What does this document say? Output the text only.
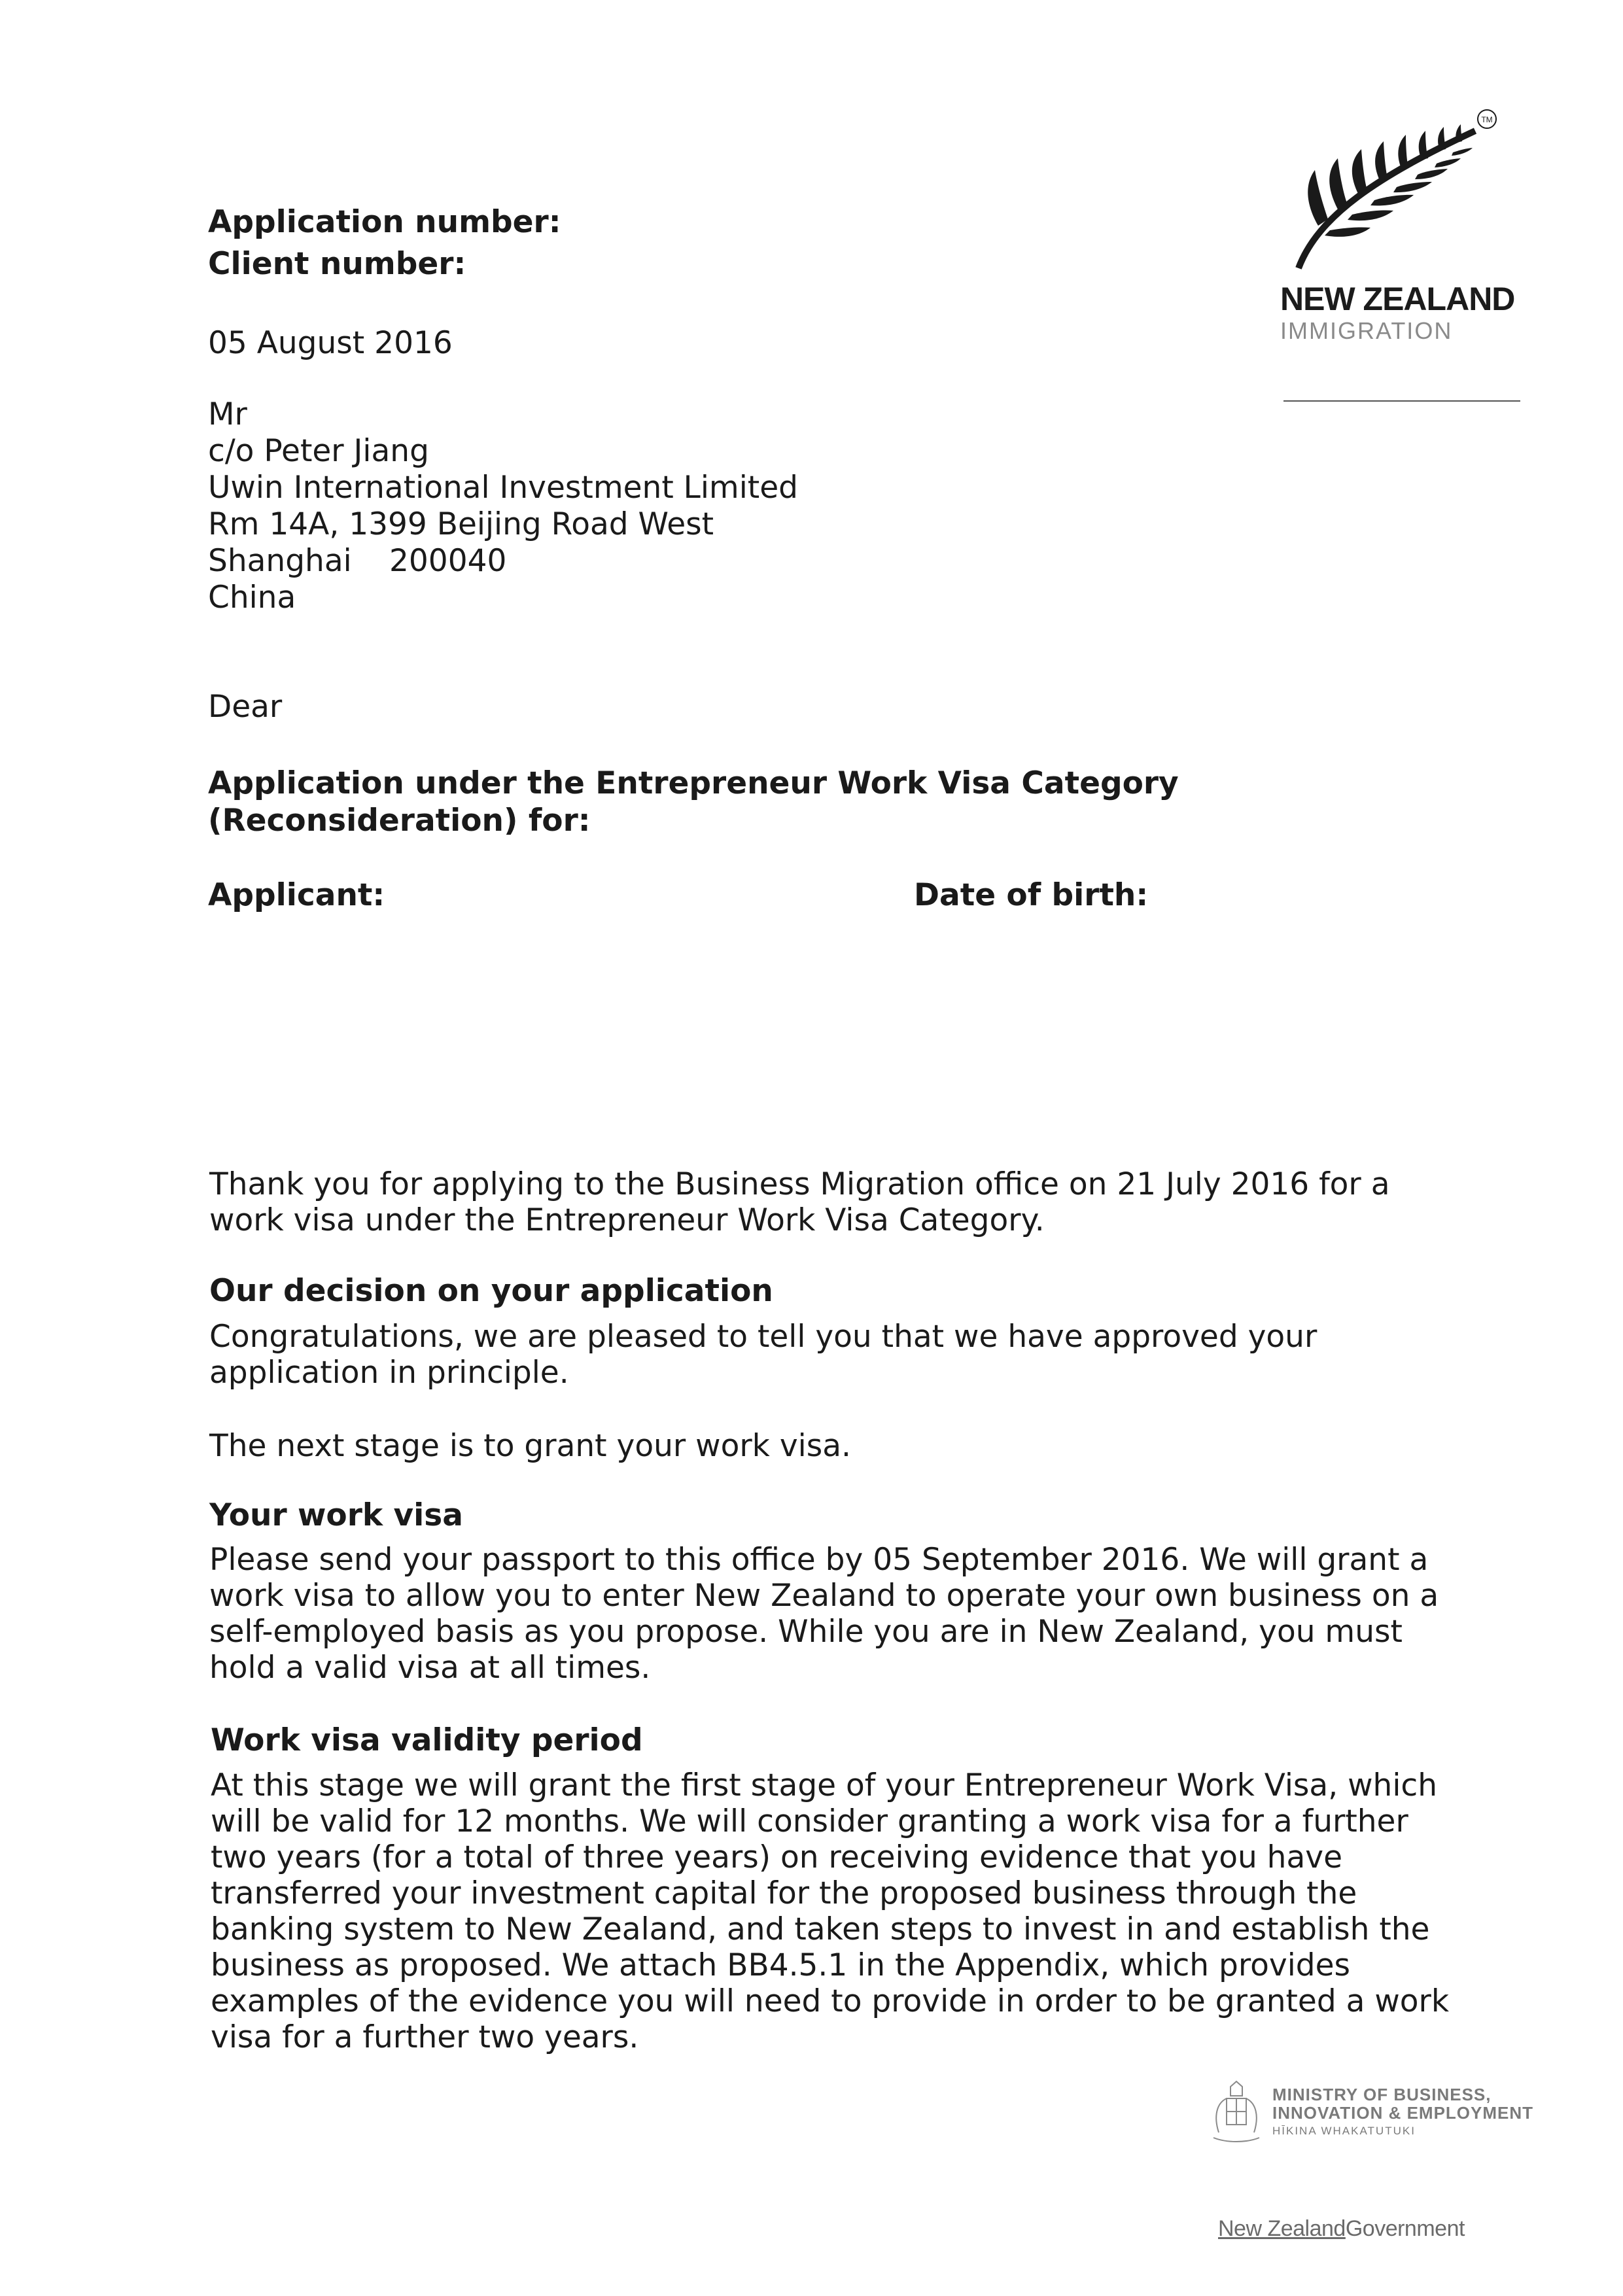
Application number:
Client number:
05 August 2016
TM
NEW ZEALAND
IMMIGRATION
Mr
c/o Peter Jiang
Uwin International Investment Limited
Rm 14A, 1399 Beijing Road West
Shanghai 200040
China
Dear
Application under the Entrepreneur Work Visa Category
(Reconsideration) for:
Applicant:	Date of birth:
Thank you for applying to the Business Migration office on 21 July 2016 for a
work visa under the Entrepreneur Work Visa Category.
Our decision on your application
Congratulations, we are pleased to tell you that we have approved your
application in principle.
The next stage is to grant your work visa.
Your work visa
Please send your passport to this office by 05 September 2016. We will grant a
work visa to allow you to enter New Zealand to operate your own business on a
self-employed basis as you propose. While you are in New Zealand, you must
hold a valid visa at all times.
Work visa validity period
At this stage we will grant the first stage of your Entrepreneur Work Visa, which
will be valid for 12 months. We will consider granting a work visa for a further
two years (for a total of three years) on receiving evidence that you have
transferred your investment capital for the proposed business through the
banking system to New Zealand, and taken steps to invest in and establish the
business as proposed. We attach BB4.5.1 in the Appendix, which provides
examples of the evidence you will need to provide in order to be granted a work
visa for a further two years.
MINISTRY OF BUSINESS,
INNOVATION & EMPLOYMENT
HĪKINA WHAKATUTUKI
New ZealandGovernment
